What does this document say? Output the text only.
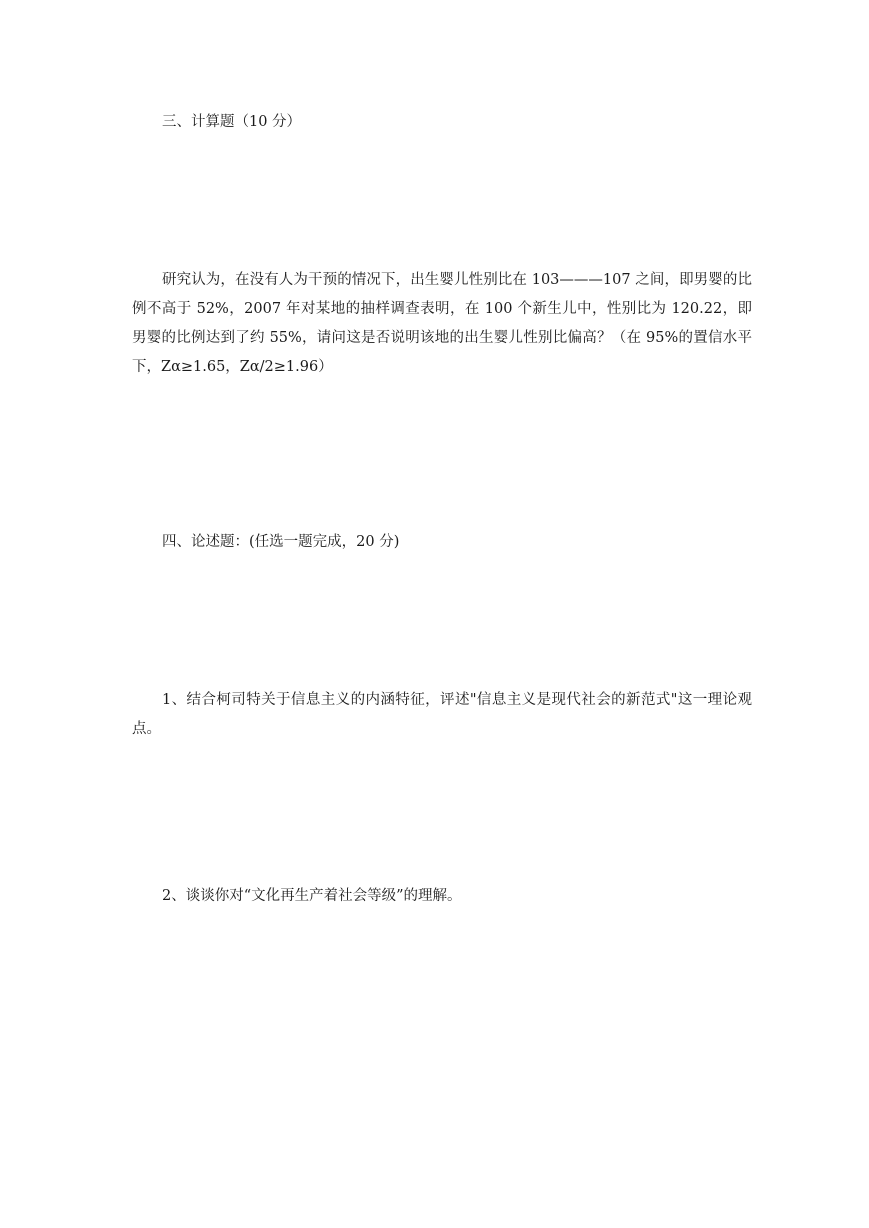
三、计算题（10 分）

研究认为，在没有人为干预的情况下，出生婴儿性别比在 103———107 之间，即男婴的比例不高于 52%，2007 年对某地的抽样调查表明，在 100 个新生儿中，性别比为 120.22，即男婴的比例达到了约 55%，请问这是否说明该地的出生婴儿性别比偏高？（在 95%的置信水平下，Zα≥1.65，Zα/2≥1.96）

四、论述题：(任选一题完成，20 分)

1、结合柯司特关于信息主义的内涵特征，评述"信息主义是现代社会的新范式"这一理论观点。

2、谈谈你对“文化再生产着社会等级”的理解。
